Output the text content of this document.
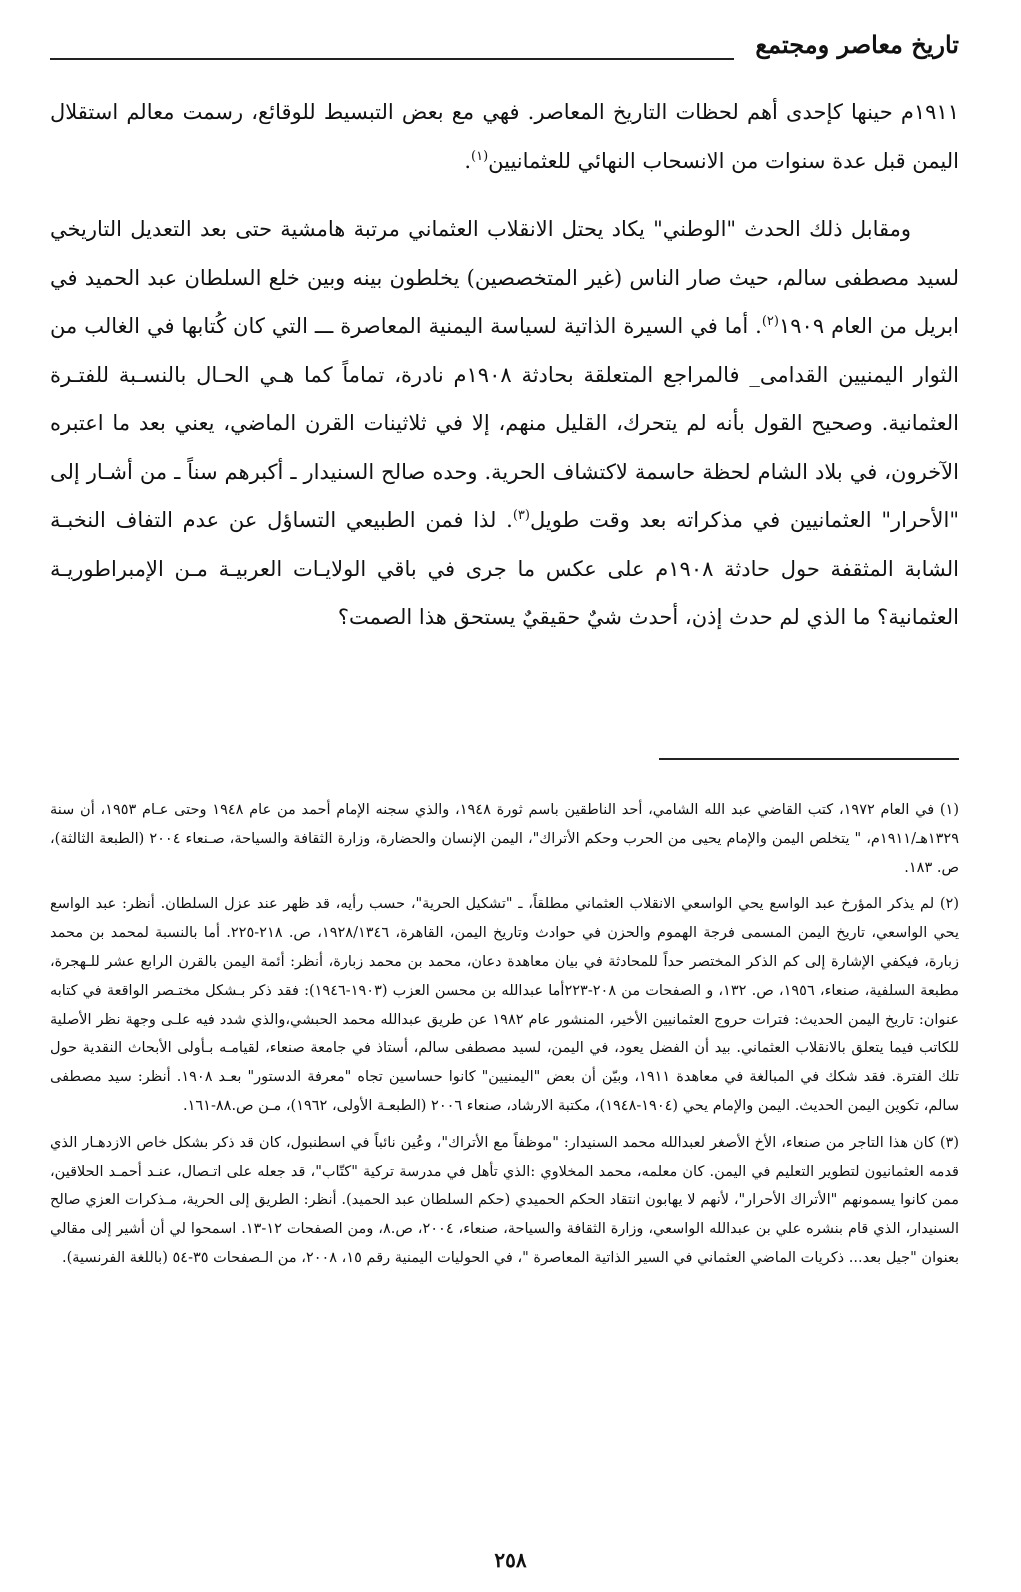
تاريخ معاصر ومجتمع

١٩١١م حينها كإحدى أهم لحظات التاريخ المعاصر. فهي مع بعض التبسيط للوقائع، رسمت معالم استقلال اليمن قبل عدة سنوات من الانسحاب النهائي للعثمانيين$^{(١)}$.

ومقابل ذلك الحدث "الوطني" يكاد يحتل الانقلاب العثماني مرتبة هامشية حتى بعد التعديل التاريخي لسيد مصطفى سالم، حيث صار الناس (غير المتخصصين) يخلطون بينه وبين خلع السلطان عبد الحميد في ابريل من العام ١٩٠٩$^{(٢)}$. أما في السيرة الذاتية لسياسة اليمنية المعاصرة ـــ التي كان كُتابها في الغالب من الثوار اليمنيين القدامى_ فالمراجع المتعلقة بحادثة ١٩٠٨م نادرة، تماماً كما هـي الحـال بالنسـبة للفتـرة العثمانية. وصحيح القول بأنه لم يتحرك، القليل منهم، إلا في ثلاثينات القرن الماضي، يعني بعد ما اعتبره الآخرون، في بلاد الشام لحظة حاسمة لاكتشاف الحرية. وحده صالح السنيدار ـ أكبرهم سناً ـ من أشـار إلى "الأحرار" العثمانيين في مذكراته بعد وقت طويل$^{(٣)}$. لذا فمن الطبيعي التساؤل عن عدم التفاف النخبـة الشابة المثقفة حول حادثة ١٩٠٨م على عكس ما جرى في باقي الولايـات العربيـة مـن الإمبراطوريـة العثمانية؟ ما الذي لم حدث إذن، أحدث شيٌ حقيقيٌ يستحق هذا الصمت؟

(١) في العام ١٩٧٢، كتب القاضي عبد الله الشامي، أحد الناطقين باسم ثورة ١٩٤٨، والذي سجنه الإمام أحمد من عام ١٩٤٨ وحتى عـام ١٩٥٣، أن سنة ١٣٢٩هـ/١٩١١م، " يتخلص اليمن والإمام يحيى من الحرب وحكم الأتراك"، اليمن الإنسان والحضارة، وزارة الثقافة والسياحة، صـنعاء ٢٠٠٤ (الطبعة الثالثة)، ص. ١٨٣.

(٢) لم يذكر المؤرخ عبد الواسع يحي الواسعي الانقلاب العثماني مطلقاً، ـ "تشكيل الحرية"، حسب رأيه، قد ظهر عند عزل السلطان. أنظر: عبد الواسع يحي الواسعي، تاريخ اليمن المسمى فرجة الهموم والحزن في حوادث وتاريخ اليمن، القاهرة، ١٩٢٨/١٣٤٦، ص. ٢١٨-٢٢٥. أما بالنسبة لمحمد بن محمد زبارة، فيكفي الإشارة إلى كم الذكر المختصر حداً للمحادثة في بيان معاهدة دعان، محمد بن محمد زبارة، أنظر: أئمة اليمن بالقرن الرابع عشر للـهجرة، مطبعة السلفية، صنعاء، ١٩٥٦، ص. ١٣٢، و الصفحات من ٢٠٨-٢٢٣أما عبدالله بن محسن العزب (١٩٠٣-١٩٤٦): فقد ذكر بـشكل مختـصر الواقعة في كتابه عنوان: تاريخ اليمن الحديث: فترات حروج العثمانيين الأخير، المنشور عام ١٩٨٢ عن طريق عبدالله محمد الحبشي،والذي شدد فيه علـى وجهة نظر الأصلية للكاتب فيما يتعلق بالانقلاب العثماني. بيد أن الفضل يعود، في اليمن، لسيد مصطفى سالم، أستاذ في جامعة صنعاء، لقيامـه بـأولى الأبحاث النقدية حول تلك الفترة. فقد شكك في المبالغة في معاهدة ١٩١١، وبيّن أن بعض "اليمنيين" كانوا حساسين تجاه "معرفة الدستور" بعـد ١٩٠٨. أنظر: سيد مصطفى سالم، تكوين اليمن الحديث. اليمن والإمام يحي (١٩٠٤-١٩٤٨)، مكتبة الارشاد، صنعاء ٢٠٠٦ (الطبعـة الأولى، ١٩٦٢)، مـن ص.٨٨-١٦١.

(٣) كان هذا التاجر من صنعاء، الأخ الأصغر لعبدالله محمد السنيدار: "موظفاً مع الأتراك"، وعُين نائباً في اسطنبول، كان قد ذكر بشكل خاص الازدهـار الذي قدمه العثمانيون لتطوير التعليم في اليمن. كان معلمه، محمد المخلاوي :الذي تأهل في مدرسة تركية "كتّاب"، قد جعله على اتـصال، عنـد أحمـد الحلاقين، ممن كانوا يسمونهم "الأتراك الأحرار"، لأنهم لا يهابون انتقاد الحكم الحميدي (حكم السلطان عبد الحميد). أنظر: الطريق إلى الحرية، مـذكرات العزي صالح السنيدار، الذي قام بنشره علي بن عبدالله الواسعي، وزارة الثقافة والسياحة، صنعاء، ٢٠٠٤، ص.٨، ومن الصفحات ١٢-١٣. اسمحوا لي أن أشير إلى مقالي بعنوان "جيل بعد... ذكريات الماضي العثماني في السير الذاتية المعاصرة "، في الحوليات اليمنية رقم ١٥، ٢٠٠٨، من الـصفحات ٣٥-٥٤ (باللغة الفرنسية).

٢٥٨
